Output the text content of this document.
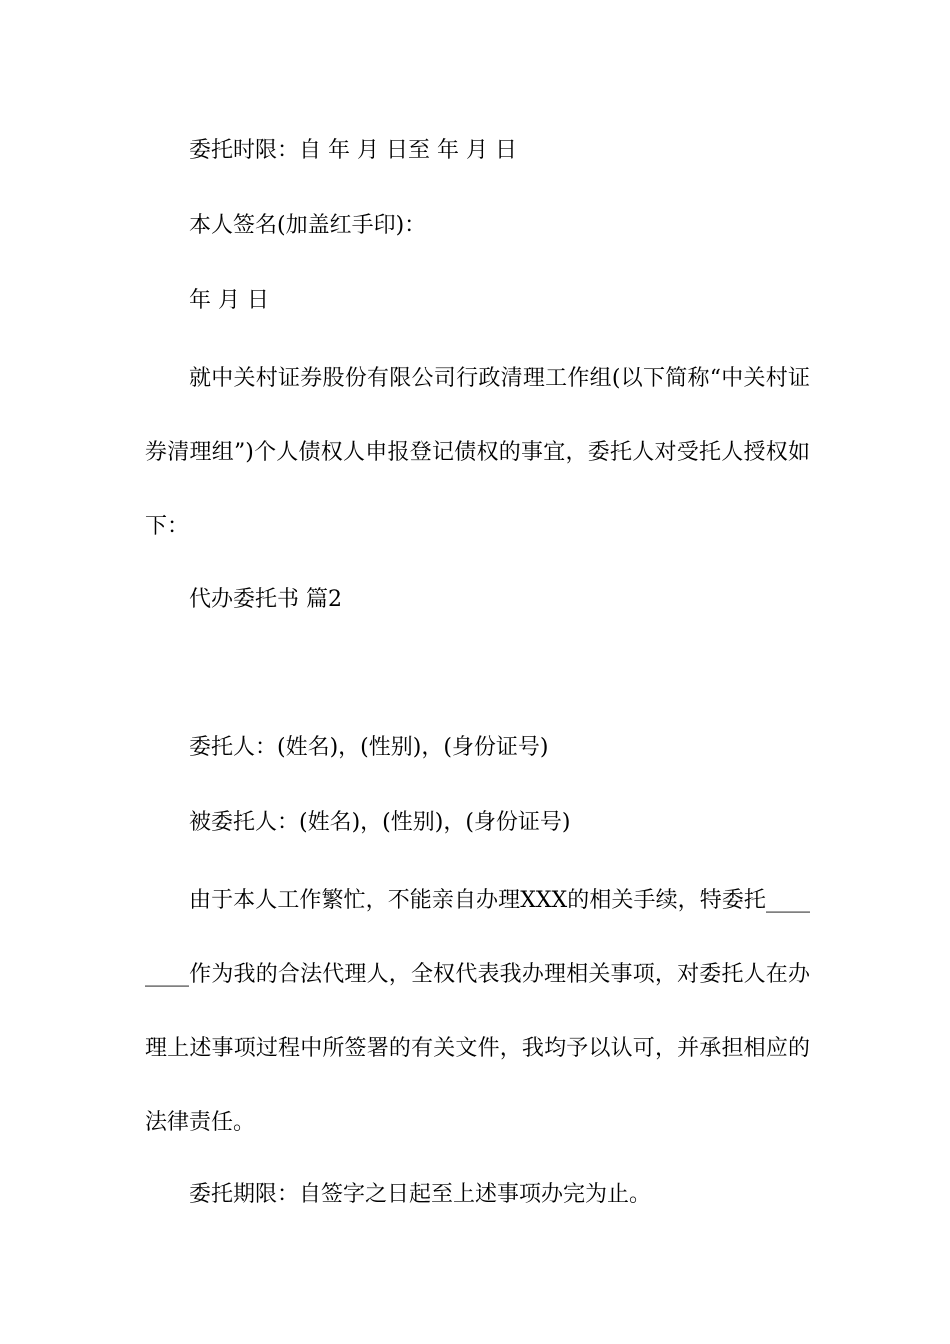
委托时限：自 年 月 日至 年 月 日

本人签名(加盖红手印)：

年 月 日

就中关村证券股份有限公司行政清理工作组(以下简称“中关村证券清理组”)个人债权人申报登记债权的事宜，委托人对受托人授权如下：

代办委托书 篇2

委托人：(姓名)，(性别)，(身份证号)

被委托人：(姓名)，(性别)，(身份证号)

由于本人工作繁忙，不能亲自办理XXX的相关手续，特委托________作为我的合法代理人，全权代表我办理相关事项，对委托人在办理上述事项过程中所签署的有关文件，我均予以认可，并承担相应的法律责任。

委托期限：自签字之日起至上述事项办完为止。
